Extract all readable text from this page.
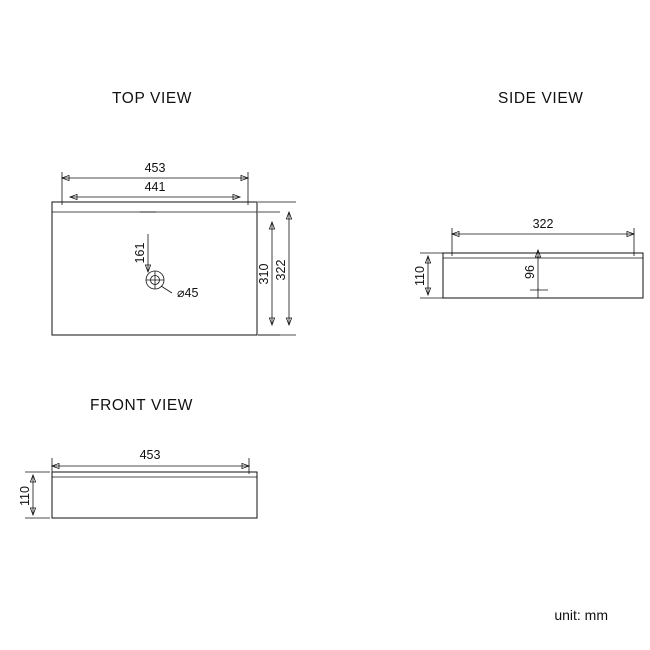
TOP VIEW	SIDE VIEW
FRONT VIEW
453
441
161
⌀45
310 322
322
110	96
453
110
unit: mm
